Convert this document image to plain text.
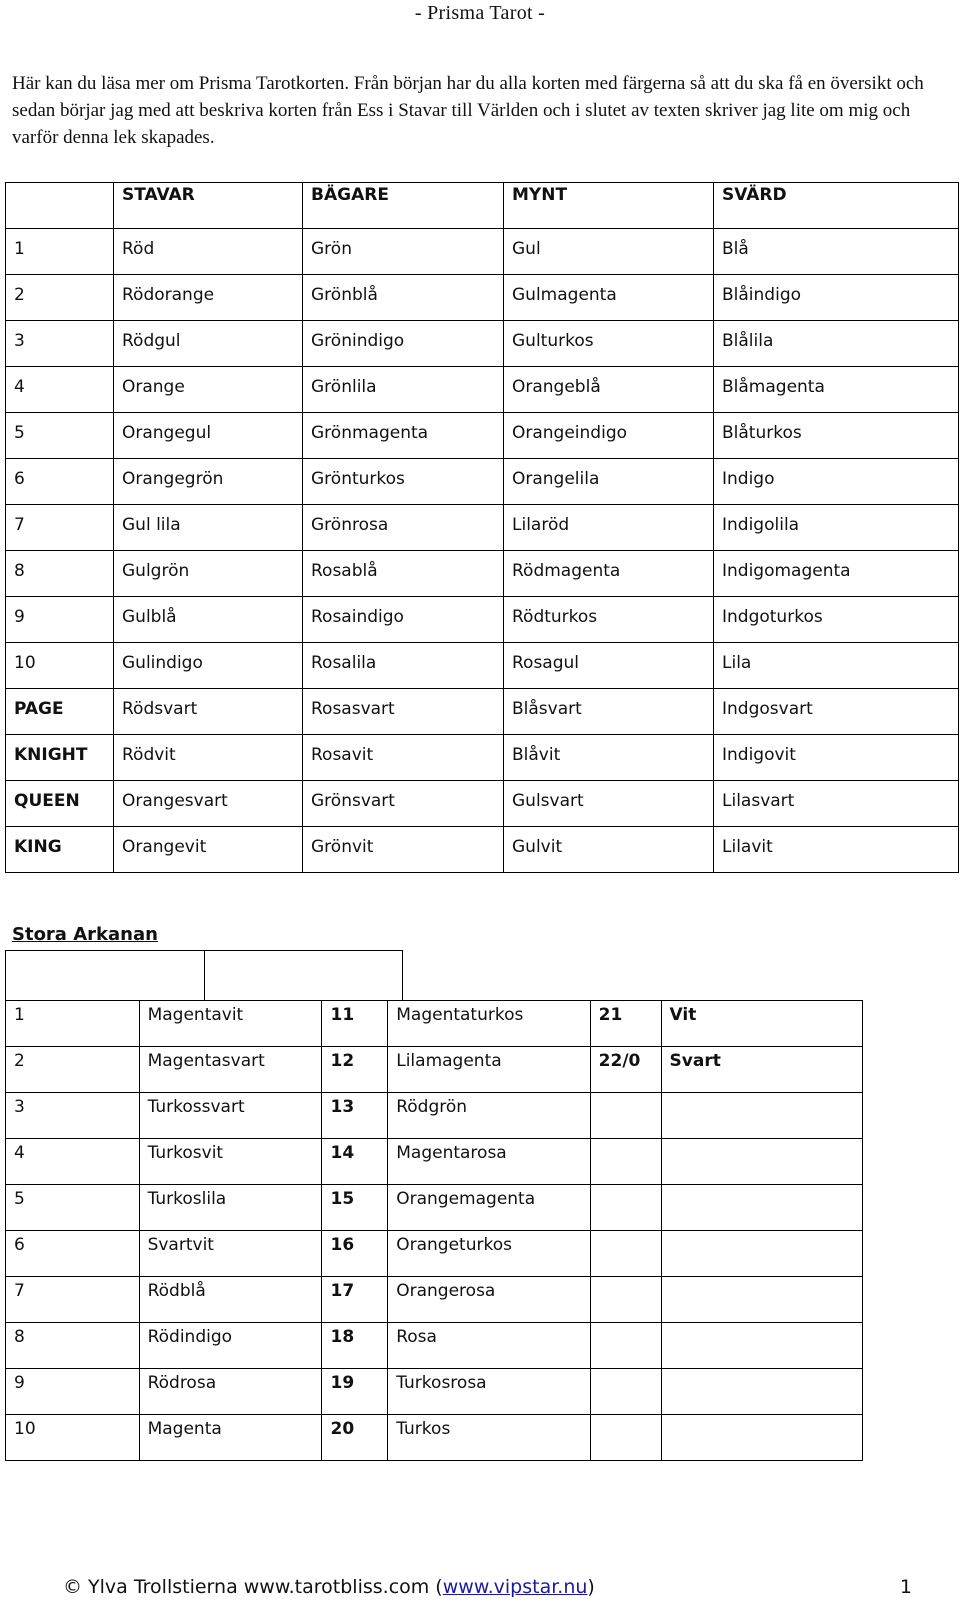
- Prisma Tarot -
Här kan du läsa mer om Prisma Tarotkorten. Från början har du alla korten med färgerna så att du ska få en översikt och sedan börjar jag med att beskriva korten från Ess i Stavar till Världen och i slutet av texten skriver jag lite om mig och varför denna lek skapades.
	STAVAR	BÄGARE	MYNT	SVÄRD
1	Röd	Grön	Gul	Blå
2	Rödorange	Grönblå	Gulmagenta	Blåindigo
3	Rödgul	Grönindigo	Gulturkos	Blålila
4	Orange	Grönlila	Orangeblå	Blåmagenta
5	Orangegul	Grönmagenta	Orangeindigo	Blåturkos
6	Orangegrön	Grönturkos	Orangelila	Indigo
7	Gul lila	Grönrosa	Lilaröd	Indigolila
8	Gulgrön	Rosablå	Rödmagenta	Indigomagenta
9	Gulblå	Rosaindigo	Rödturkos	Indgoturkos
10	Gulindigo	Rosalila	Rosagul	Lila
PAGE	Rödsvart	Rosasvart	Blåsvart	Indgosvart
KNIGHT	Rödvit	Rosavit	Blåvit	Indigovit
QUEEN	Orangesvart	Grönsvart	Gulsvart	Lilasvart
KING	Orangevit	Grönvit	Gulvit	Lilavit
Stora Arkanan

1	Magentavit	11	Magentaturkos	21	Vit
2	Magentasvart	12	Lilamagenta	22/0	Svart
3	Turkossvart	13	Rödgrön		
4	Turkosvit	14	Magentarosa		
5	Turkoslila	15	Orangemagenta		
6	Svartvit	16	Orangeturkos		
7	Rödblå	17	Orangerosa		
8	Rödindigo	18	Rosa		
9	Rödrosa	19	Turkosrosa		
10	Magenta	20	Turkos		
© Ylva Trollstierna www.tarotbliss.com (www.vipstar.nu)	1
